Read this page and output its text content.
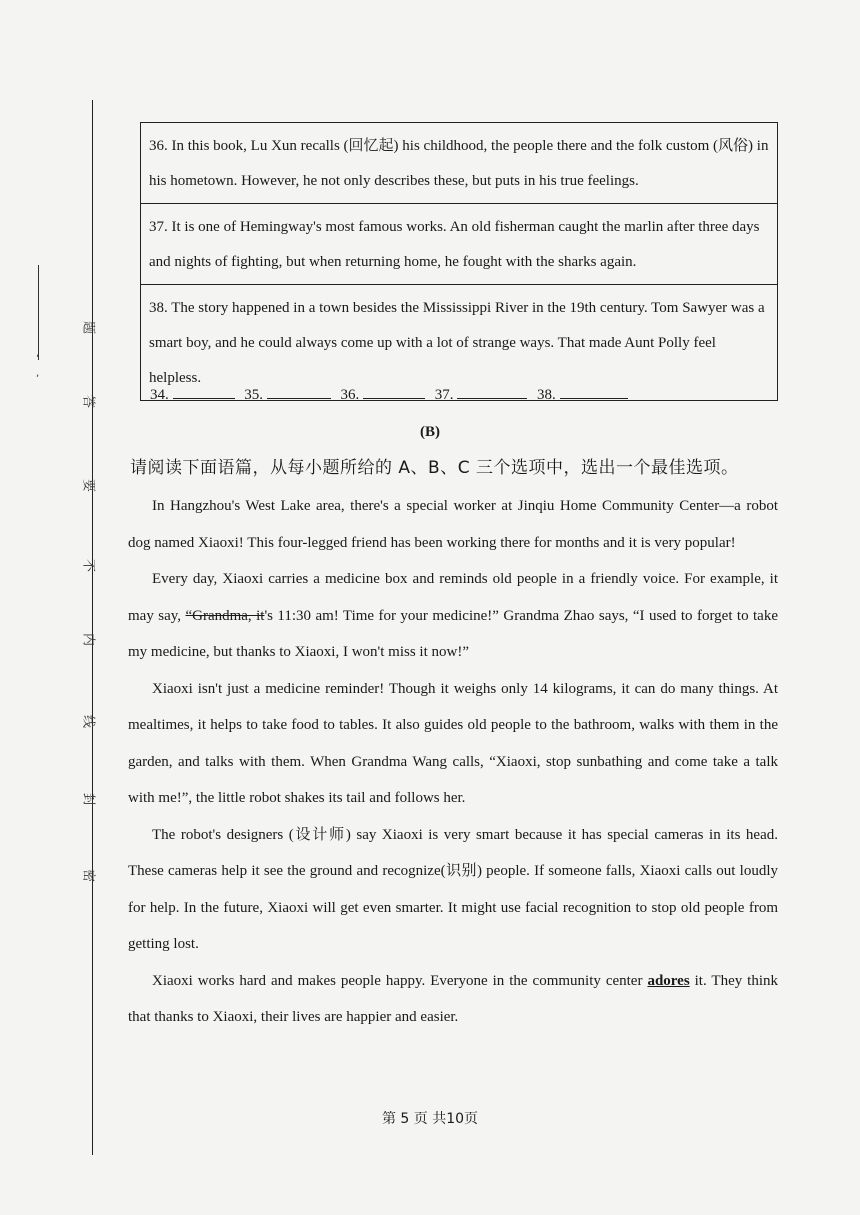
,
,
题
答
要
不
内
线
封
密
36. In this book, Lu Xun recalls (回忆起) his childhood, the people there and the folk custom (风俗) in his hometown. However, he not only describes these, but puts in his true feelings.
37. It is one of Hemingway's most famous works. An old fisherman caught the marlin after three days and nights of fighting, but when returning home, he fought with the sharks again.
38. The story happened in a town besides the Mississippi River in the 19th century. Tom Sawyer was a smart boy, and he could always come up with a lot of strange ways. That made Aunt Polly feel helpless.
34.	35.	36.	37.	38.
(B)
请阅读下面语篇，从每小题所给的 A、B、C 三个选项中，选出一个最佳选项。

In Hangzhou's West Lake area, there's a special worker at Jinqiu Home Community Center—a robot dog named Xiaoxi! This four-legged friend has been working there for months and it is very popular!

Every day, Xiaoxi carries a medicine box and reminds old people in a friendly voice. For example, it may say, “Grandma, it's 11:30 am! Time for your medicine!” Grandma Zhao says, “I used to forget to take my medicine, but thanks to Xiaoxi, I won't miss it now!”

Xiaoxi isn't just a medicine reminder! Though it weighs only 14 kilograms, it can do many things. At mealtimes, it helps to take food to tables. It also guides old people to the bathroom, walks with them in the garden, and talks with them. When Grandma Wang calls, “Xiaoxi, stop sunbathing and come take a talk with me!”, the little robot shakes its tail and follows her.

The robot's designers (设计师) say Xiaoxi is very smart because it has special cameras in its head. These cameras help it see the ground and recognize(识别) people. If someone falls, Xiaoxi calls out loudly for help. In the future, Xiaoxi will get even smarter. It might use facial recognition to stop old people from getting lost.

Xiaoxi works hard and makes people happy. Everyone in the community center adores it. They think that thanks to Xiaoxi, their lives are happier and easier.

第 5 页 共10页
